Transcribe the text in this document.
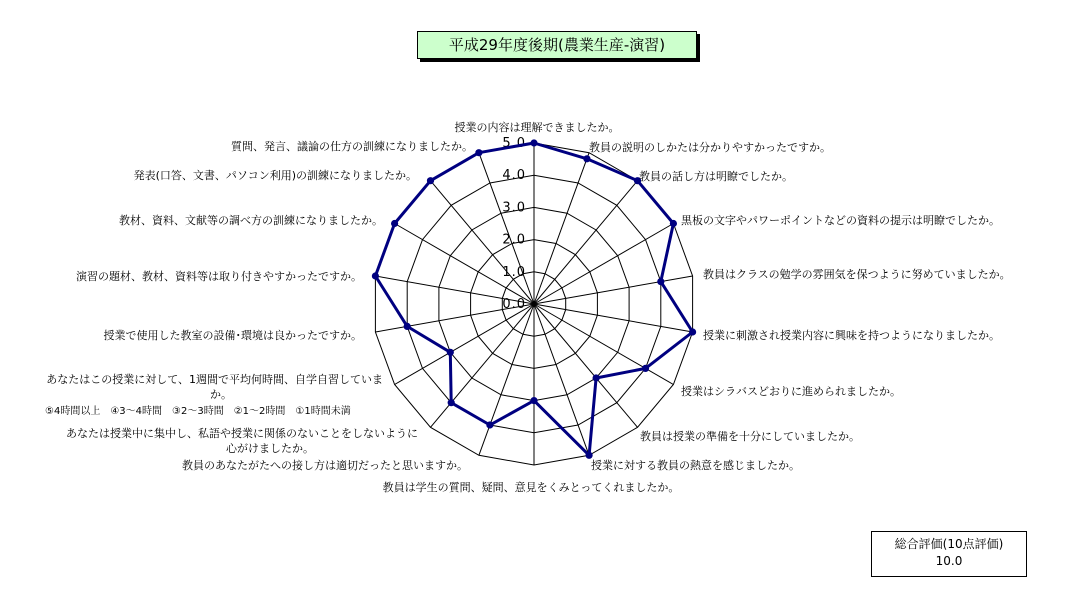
平成29年度後期(農業生産-演習)
0.0
1.0
2.0
3.0
4.0
5.0
授業の内容は理解できましたか。
教員の説明のしかたは分かりやすかったですか。
教員の話し方は明瞭でしたか。
黒板の文字やパワーポイントなどの資料の提示は明瞭でしたか。
教員はクラスの勉学の雰囲気を保つように努めていましたか。
授業に刺激され授業内容に興味を持つようになりましたか。
授業はシラバスどおりに進められましたか。
教員は授業の準備を十分にしていましたか。
授業に対する教員の熱意を感じましたか。
教員は学生の質問、疑問、意見をくみとってくれましたか。
教員のあなたがたへの接し方は適切だったと思いますか。
あなたは授業中に集中し、私語や授業に関係のないことをしないように
心がけましたか。
あなたはこの授業に対して、1週間で平均何時間、自学自習していま
か。
⑤4時間以上　④3～4時間　③2～3時間　②1～2時間　①1時間未満
授業で使用した教室の設備･環境は良かったですか。
演習の題材、教材、資料等は取り付きやすかったですか。
教材、資料、文献等の調べ方の訓練になりましたか。
発表(口答、文書、パソコン利用)の訓練になりましたか。
質問、発言、議論の仕方の訓練になりましたか。
総合評価(10点評価)
10.0
